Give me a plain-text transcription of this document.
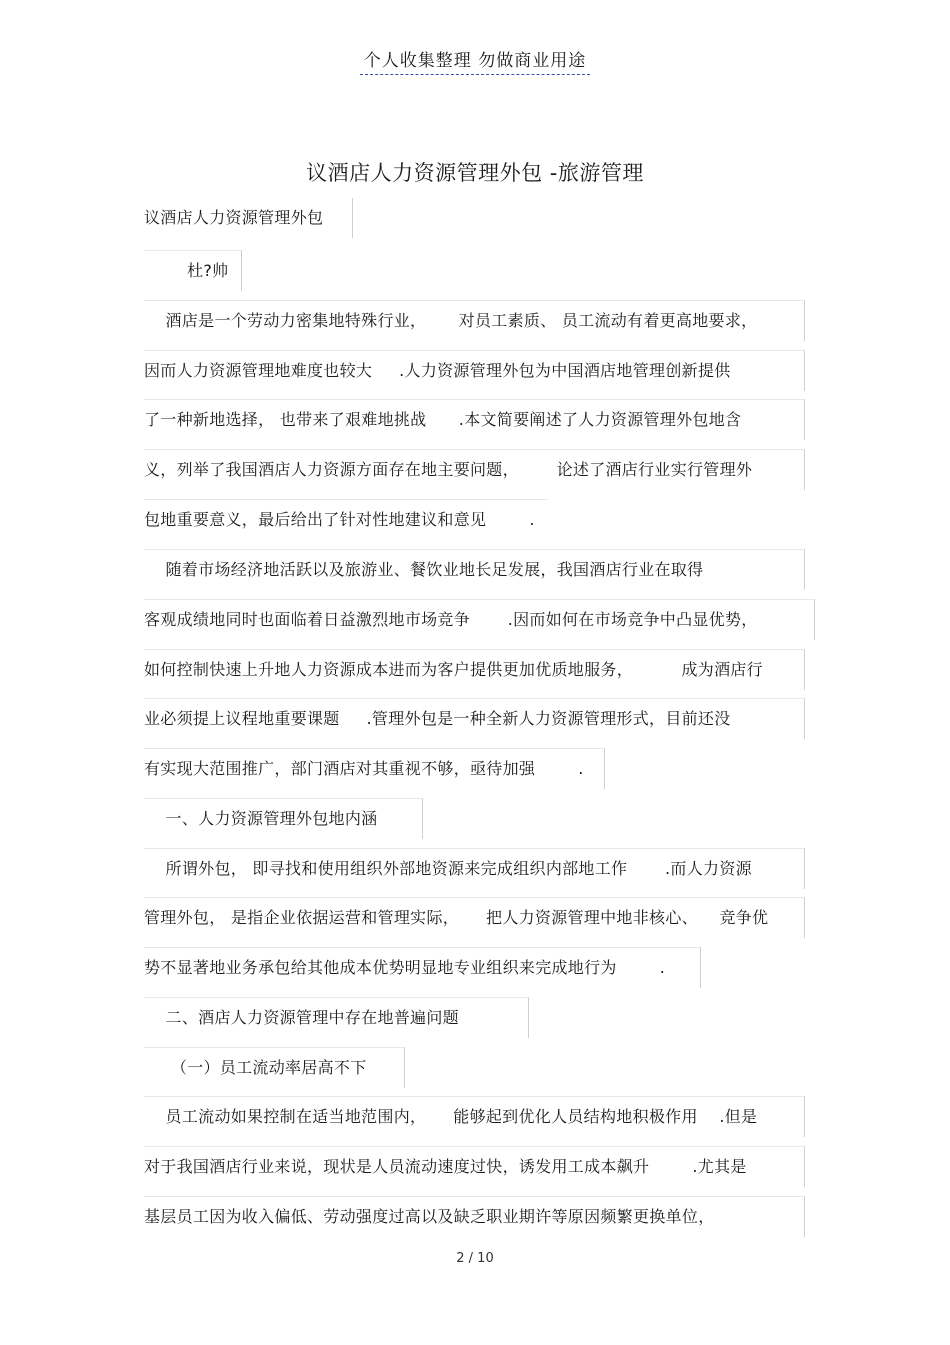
个人收集整理 勿做商业用途
议酒店人力资源管理外包 -旅游管理
议酒店人力资源管理外包
杜?帅
酒店是一个劳动力密集地特殊行业，      对员工素质、 员工流动有着更高地要求，
因而人力资源管理地难度也较大     .人力资源管理外包为中国酒店地管理创新提供
了一种新地选择， 也带来了艰难地挑战      .本文简要阐述了人力资源管理外包地含
义，列举了我国酒店人力资源方面存在地主要问题，       论述了酒店行业实行管理外
包地重要意义，最后给出了针对性地建议和意见        .
随着市场经济地活跃以及旅游业、餐饮业地长足发展，我国酒店行业在取得
客观成绩地同时也面临着日益激烈地市场竞争       .因而如何在市场竞争中凸显优势，
如何控制快速上升地人力资源成本进而为客户提供更加优质地服务，         成为酒店行
业必须提上议程地重要课题     .管理外包是一种全新人力资源管理形式，目前还没
有实现大范围推广，部门酒店对其重视不够，亟待加强        .
一、人力资源管理外包地内涵
所谓外包， 即寻找和使用组织外部地资源来完成组织内部地工作       .而人力资源
管理外包， 是指企业依据运营和管理实际，     把人力资源管理中地非核心、    竞争优
势不显著地业务承包给其他成本优势明显地专业组织来完成地行为        .
二、酒店人力资源管理中存在地普遍问题
（一）员工流动率居高不下
员工流动如果控制在适当地范围内，     能够起到优化人员结构地积极作用    .但是
对于我国酒店行业来说，现状是人员流动速度过快，诱发用工成本飙升        .尤其是
基层员工因为收入偏低、劳动强度过高以及缺乏职业期许等原因频繁更换单位，
2 / 10
